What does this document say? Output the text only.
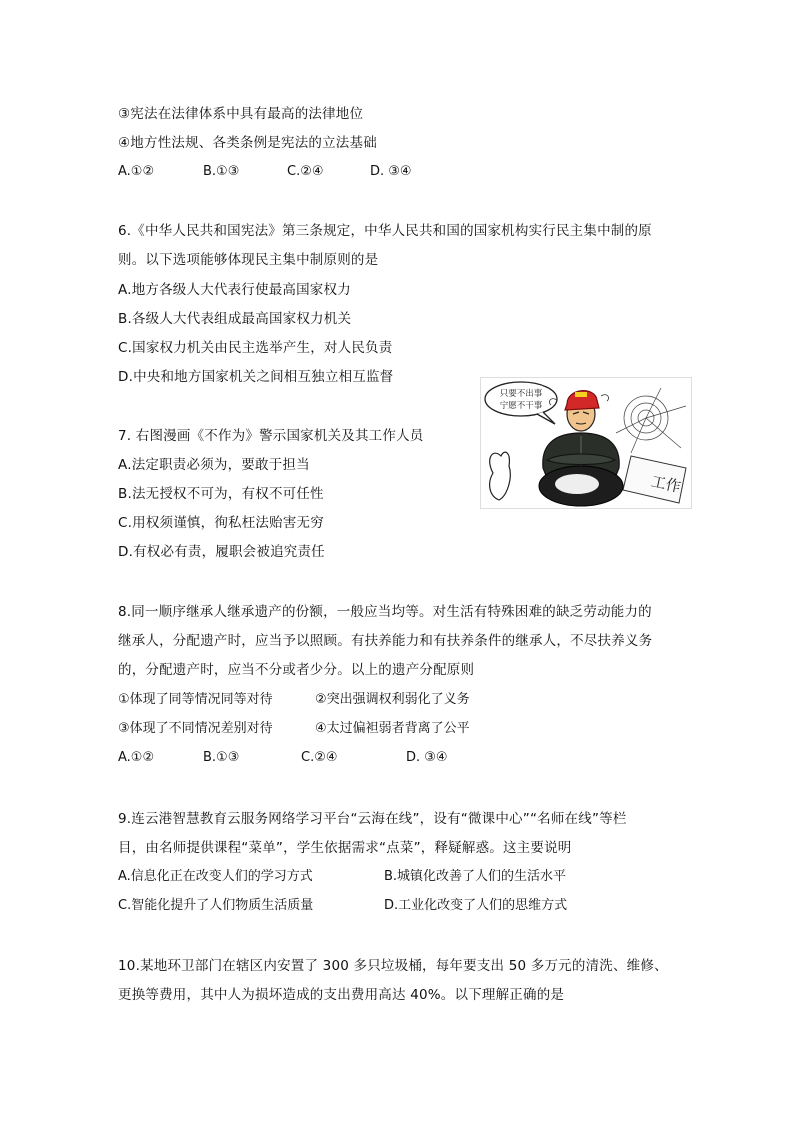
③宪法在法律体系中具有最高的法律地位
④地方性法规、各类条例是宪法的立法基础
A.①②	B.①③	C.②④	D. ③④
6.《中华人民共和国宪法》第三条规定，中华人民共和国的国家机构实行民主集中制的原
则。以下选项能够体现民主集中制原则的是
A.地方各级人大代表行使最高国家权力
B.各级人大代表组成最高国家权力机关
C.国家权力机关由民主选举产生，对人民负责
D.中央和地方国家机关之间相互独立相互监督
7. 右图漫画《不作为》警示国家机关及其工作人员
A.法定职责必须为，要敢于担当
B.法无授权不可为，有权不可任性
C.用权须谨慎，徇私枉法贻害无穷
D.有权必有责，履职会被追究责任
只要不出事
宁愿不干事
工作
8.同一顺序继承人继承遗产的份额，一般应当均等。对生活有特殊困难的缺乏劳动能力的
继承人，分配遗产时，应当予以照顾。有扶养能力和有扶养条件的继承人，不尽扶养义务
的，分配遗产时，应当不分或者少分。以上的遗产分配原则
①体现了同等情况同等对待	②突出强调权利弱化了义务
③体现了不同情况差别对待	④太过偏袒弱者背离了公平
A.①②	B.①③	C.②④	D. ③④
9.连云港智慧教育云服务网络学习平台“云海在线”，设有“微课中心”“名师在线”等栏
目，由名师提供课程“菜单”，学生依据需求“点菜”，释疑解惑。这主要说明
A.信息化正在改变人们的学习方式	B.城镇化改善了人们的生活水平
C.智能化提升了人们物质生活质量	D.工业化改变了人们的思维方式
10.某地环卫部门在辖区内安置了 300 多只垃圾桶，每年要支出 50 多万元的清洗、维修、
更换等费用，其中人为损坏造成的支出费用高达 40%。以下理解正确的是
